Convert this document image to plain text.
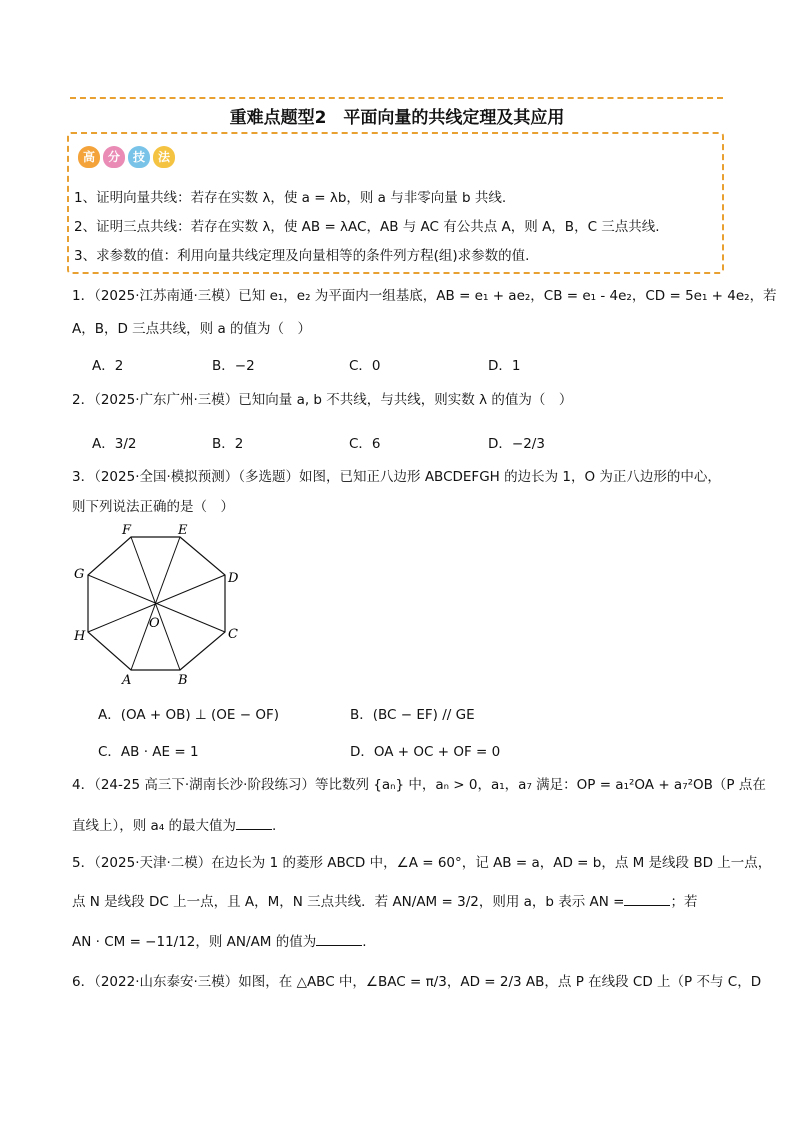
重难点题型2　平面向量的共线定理及其应用
高	分	技	法
1、证明向量共线：若存在实数 λ，使 a = λb，则 a 与非零向量 b 共线.
2、证明三点共线：若存在实数 λ，使 AB = λAC，AB 与 AC 有公共点 A，则 A，B，C 三点共线.
3、求参数的值：利用向量共线定理及向量相等的条件列方程(组)求参数的值.
1．（2025·江苏南通·三模）已知 e₁，e₂ 为平面内一组基底，AB = e₁ + ae₂，CB = e₁ - 4e₂，CD = 5e₁ + 4e₂，若
A，B，D 三点共线，则 a 的值为（　）
A．2	B．−2	C．0	D．1
2．（2025·广东广州·三模）已知向量 a, b 不共线，与共线，则实数 λ 的值为（　）
A．3/2	B．2	C．6	D．−2/3
3．（2025·全国·模拟预测）（多选题）如图，已知正八边形 ABCDEFGH 的边长为 1，O 为正八边形的中心，
则下列说法正确的是（　）
F	E
G	D
H	C
A	B
O
A．(OA + OB) ⊥ (OE − OF)	B．(BC − EF) // GE
C．AB · AE = 1	D．OA + OC + OF = 0
4．（24-25 高三下·湖南长沙·阶段练习）等比数列 {aₙ} 中，aₙ > 0，a₁，a₇ 满足：OP = a₁²OA + a₇²OB（P 点在
直线上），则 a₄ 的最大值为	.
5．（2025·天津·二模）在边长为 1 的菱形 ABCD 中，∠A = 60°，记 AB = a，AD = b，点 M 是线段 BD 上一点，
点 N 是线段 DC 上一点，且 A，M，N 三点共线．若 AN/AM = 3/2，则用 a，b 表示 AN =	；若
AN · CM = −11/12，则 AN/AM 的值为	.
6．（2022·山东泰安·三模）如图，在 △ABC 中，∠BAC = π/3，AD = 2/3 AB，点 P 在线段 CD 上（P 不与 C，D
